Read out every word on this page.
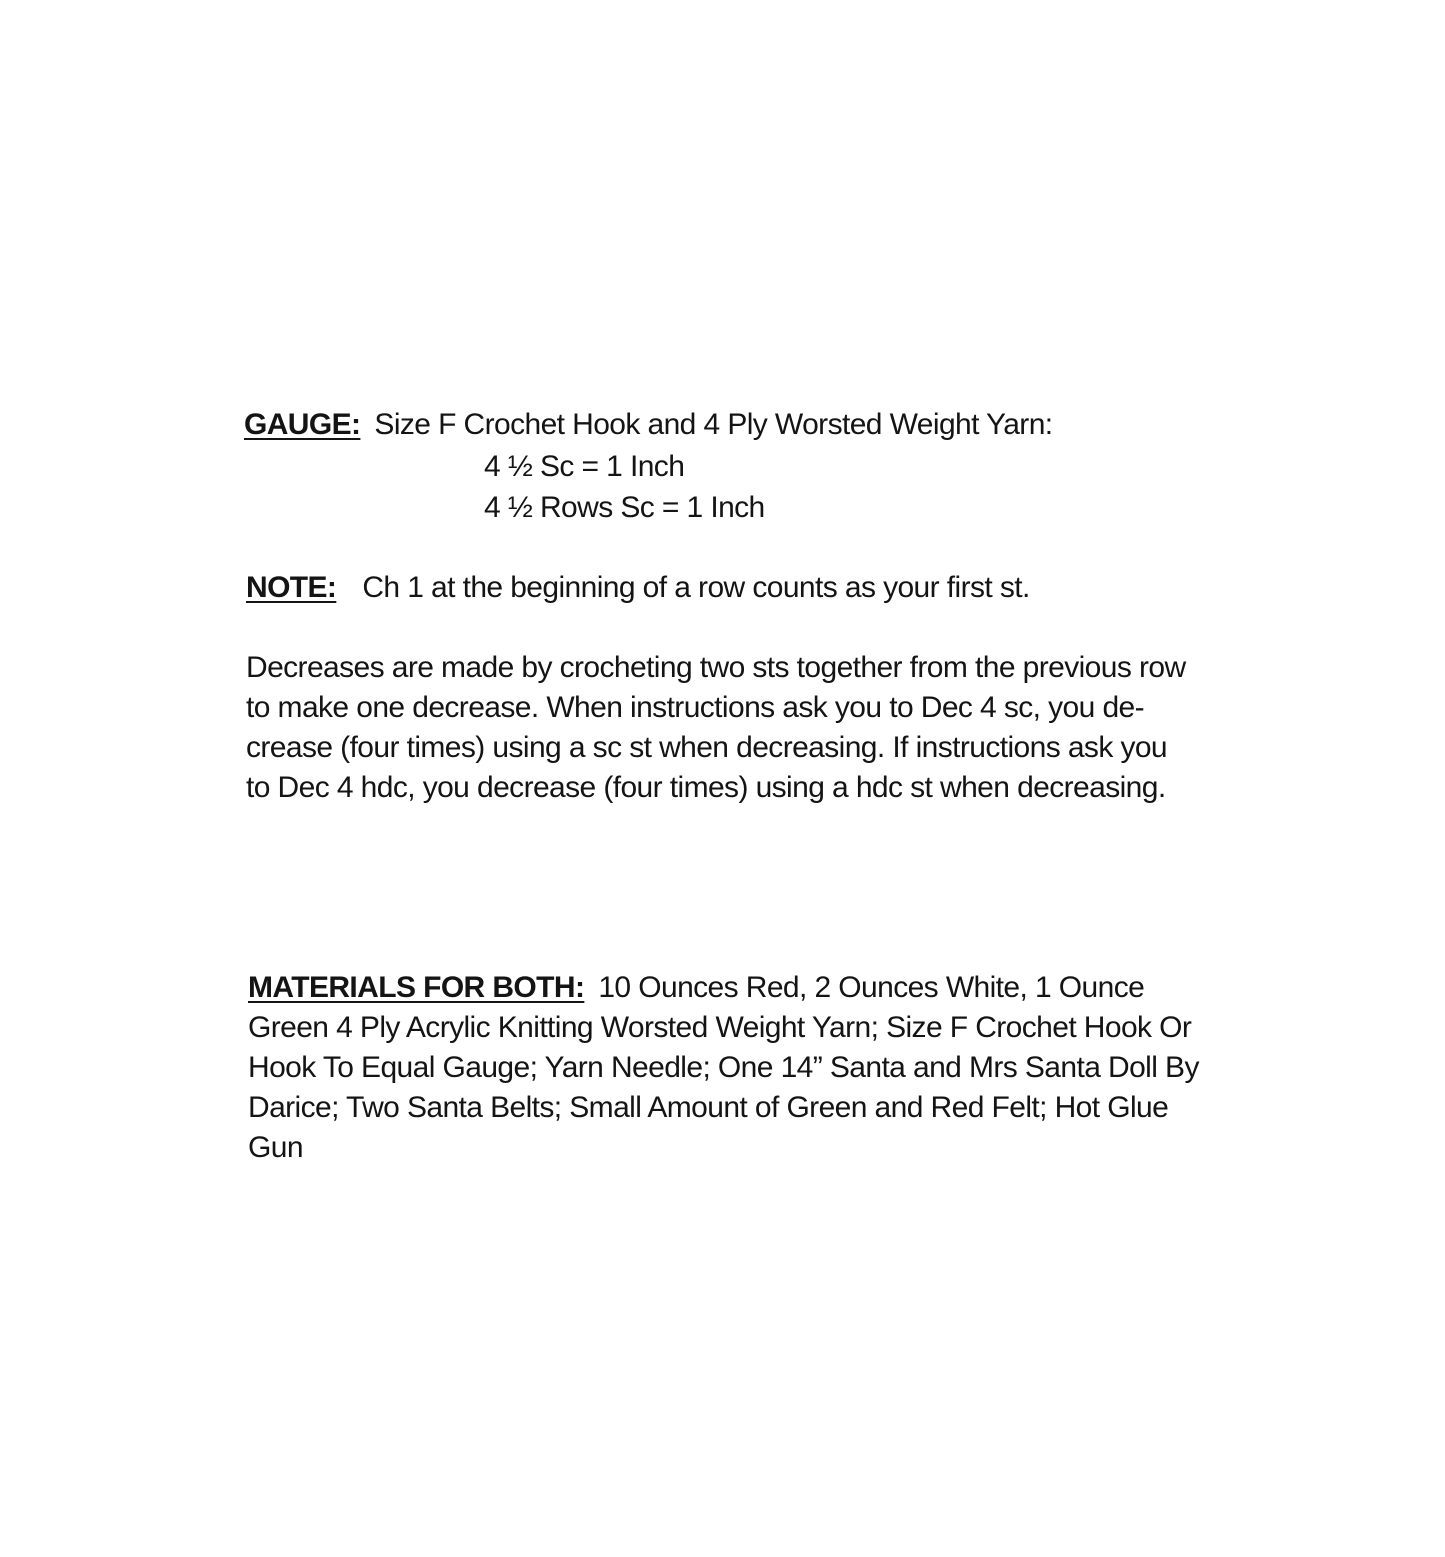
GAUGE: Size F Crochet Hook and 4 Ply Worsted Weight Yarn:
4 ½ Sc = 1 Inch
4 ½ Rows Sc = 1 Inch
NOTE: Ch 1 at the beginning of a row counts as your first st.
Decreases are made by crocheting two sts together from the previous row
to make one decrease. When instructions ask you to Dec 4 sc, you de-
crease (four times) using a sc st when decreasing. If instructions ask you
to Dec 4 hdc, you decrease (four times) using a hdc st when decreasing.
MATERIALS FOR BOTH: 10 Ounces Red, 2 Ounces White, 1 Ounce
Green 4 Ply Acrylic Knitting Worsted Weight Yarn; Size F Crochet Hook Or
Hook To Equal Gauge; Yarn Needle; One 14” Santa and Mrs Santa Doll By
Darice; Two Santa Belts; Small Amount of Green and Red Felt; Hot Glue
Gun
